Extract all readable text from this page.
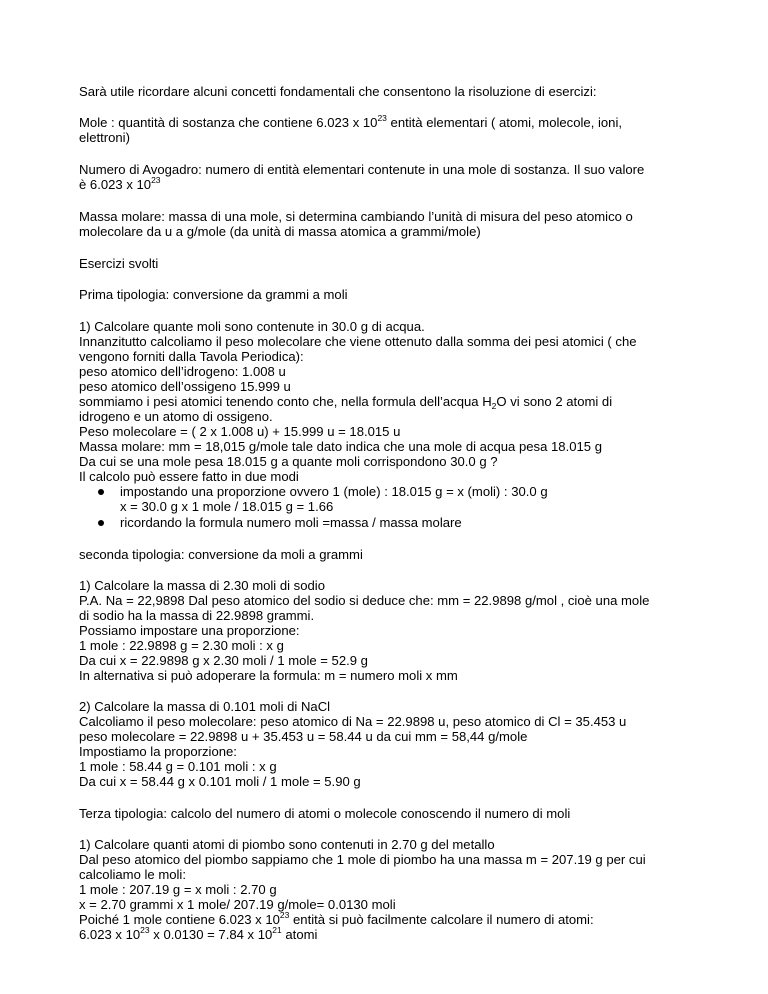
Sarà utile ricordare alcuni concetti fondamentali che consentono la risoluzione di esercizi:
Mole : quantità di sostanza che contiene 6.023 x $10^{23}$ entità elementari ( atomi, molecole, ioni,
elettroni)
Numero di Avogadro: numero di entità elementari contenute in una mole di sostanza. Il suo valore
è 6.023 x $10^{23}$
Massa molare: massa di una mole, si determina cambiando l’unità di misura del peso atomico o
molecolare da u a g/mole (da unità di massa atomica a grammi/mole)
Esercizi svolti
Prima tipologia: conversione da grammi a moli
1) Calcolare quante moli sono contenute in 30.0 g di acqua.
Innanzitutto calcoliamo il peso molecolare che viene ottenuto dalla somma dei pesi atomici ( che
vengono forniti dalla Tavola Periodica):
peso atomico dell’idrogeno: 1.008 u
peso atomico dell’ossigeno 15.999 u
sommiamo i pesi atomici tenendo conto che, nella formula dell’acqua $H_2O$ vi sono 2 atomi di
idrogeno e un atomo di ossigeno.
Peso molecolare = ( 2 x 1.008 u) + 15.999 u = 18.015 u
Massa molare: mm = 18,015 g/mole tale dato indica che una mole di acqua pesa 18.015 g
Da cui se una mole pesa 18.015 g a quante moli corrispondono 30.0 g ?
Il calcolo può essere fatto in due modi
impostando una proporzione ovvero 1 (mole) : 18.015 g = x (moli) : 30.0 g
x = 30.0 g x 1 mole / 18.015 g = 1.66
ricordando la formula numero moli =massa / massa molare
seconda tipologia: conversione da moli a grammi
1) Calcolare la massa di 2.30 moli di sodio
P.A. Na = 22,9898 Dal peso atomico del sodio si deduce che: mm = 22.9898 g/mol , cioè una mole
di sodio ha la massa di 22.9898 grammi.
Possiamo impostare una proporzione:
1 mole : 22.9898 g = 2.30 moli : x g
Da cui x = 22.9898 g x 2.30 moli / 1 mole = 52.9 g
In alternativa si può adoperare la formula: m = numero moli x mm
2) Calcolare la massa di 0.101 moli di NaCl
Calcoliamo il peso molecolare: peso atomico di Na = 22.9898 u, peso atomico di Cl = 35.453 u
peso molecolare = 22.9898 u + 35.453 u = 58.44 u da cui mm = 58,44 g/mole
Impostiamo la proporzione:
1 mole : 58.44 g = 0.101 moli : x g
Da cui x = 58.44 g x 0.101 moli / 1 mole = 5.90 g
Terza tipologia: calcolo del numero di atomi o molecole conoscendo il numero di moli
1) Calcolare quanti atomi di piombo sono contenuti in 2.70 g del metallo
Dal peso atomico del piombo sappiamo che 1 mole di piombo ha una massa m = 207.19 g per cui
calcoliamo le moli:
1 mole : 207.19 g = x moli : 2.70 g
x = 2.70 grammi x 1 mole/ 207.19 g/mole= 0.0130 moli
Poiché 1 mole contiene 6.023 x $10^{23}$ entità si può facilmente calcolare il numero di atomi:
6.023 x $10^{23}$ x 0.0130 = 7.84 x $10^{21}$ atomi
